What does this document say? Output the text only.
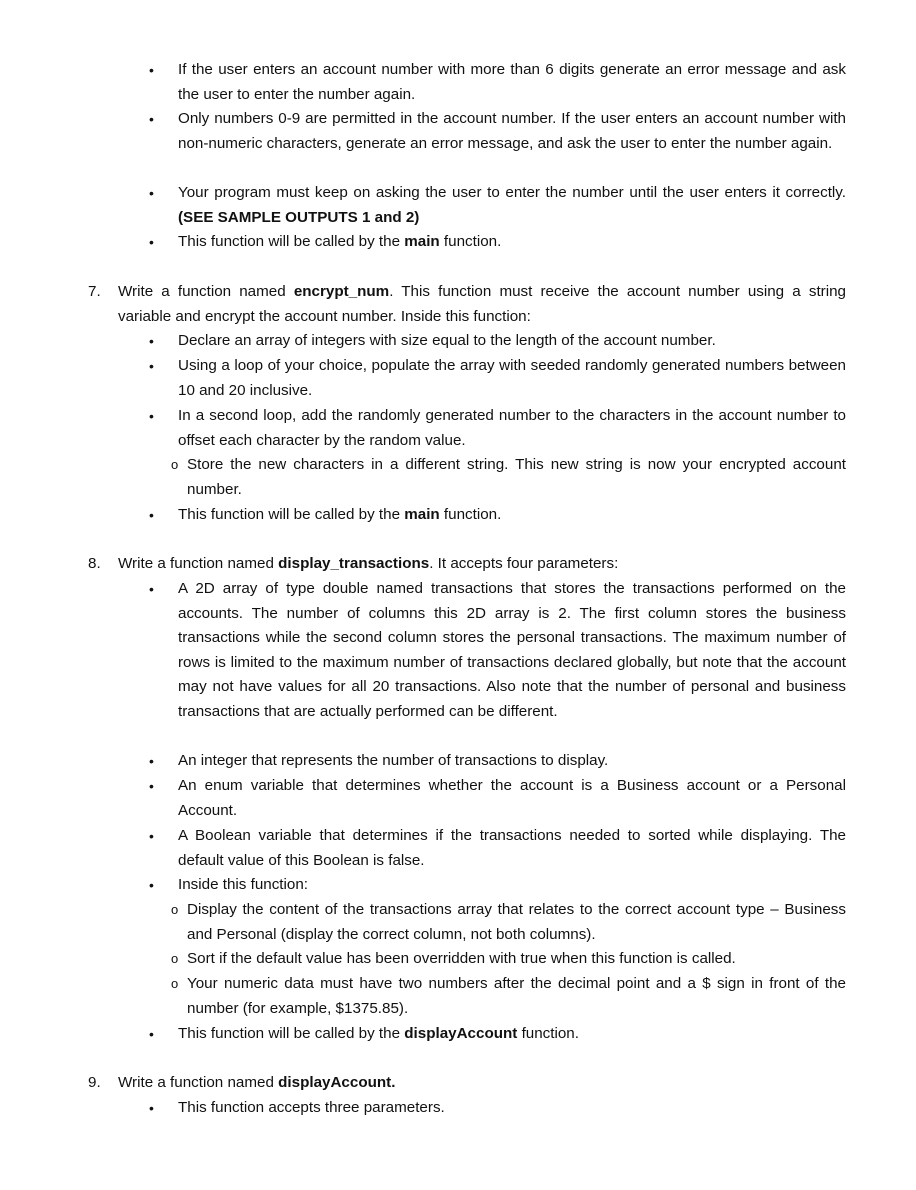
•	If the user enters an account number with more than 6 digits generate an error message and ask the user to enter the number again.
•	Only numbers 0-9 are permitted in the account number. If the user enters an account number with non-numeric characters, generate an error message, and ask the user to enter the number again.
•	Your program must keep on asking the user to enter the number until the user enters it correctly. (SEE SAMPLE OUTPUTS 1 and 2)
•	This function will be called by the main function.
7. Write a function named encrypt_num. This function must receive the account number using a string variable and encrypt the account number. Inside this function:
•	Declare an array of integers with size equal to the length of the account number.
•	Using a loop of your choice, populate the array with seeded randomly generated numbers between 10 and 20 inclusive.
•	In a second loop, add the randomly generated number to the characters in the account number to offset each character by the random value.
o Store the new characters in a different string. This new string is now your encrypted account number.
•	This function will be called by the main function.
8. Write a function named display_transactions. It accepts four parameters:
•	A 2D array of type double named transactions that stores the transactions performed on the accounts. The number of columns this 2D array is 2. The first column stores the business transactions while the second column stores the personal transactions. The maximum number of rows is limited to the maximum number of transactions declared globally, but note that the account may not have values for all 20 transactions. Also note that the number of personal and business transactions that are actually performed can be different.
•	An integer that represents the number of transactions to display.
•	An enum variable that determines whether the account is a Business account or a Personal Account.
•	A Boolean variable that determines if the transactions needed to sorted while displaying. The default value of this Boolean is false.
•	Inside this function:
o Display the content of the transactions array that relates to the correct account type – Business and Personal (display the correct column, not both columns).
o Sort if the default value has been overridden with true when this function is called.
o Your numeric data must have two numbers after the decimal point and a $ sign in front of the number (for example, $1375.85).
•	This function will be called by the displayAccount function.
9. Write a function named displayAccount.
•	This function accepts three parameters.
